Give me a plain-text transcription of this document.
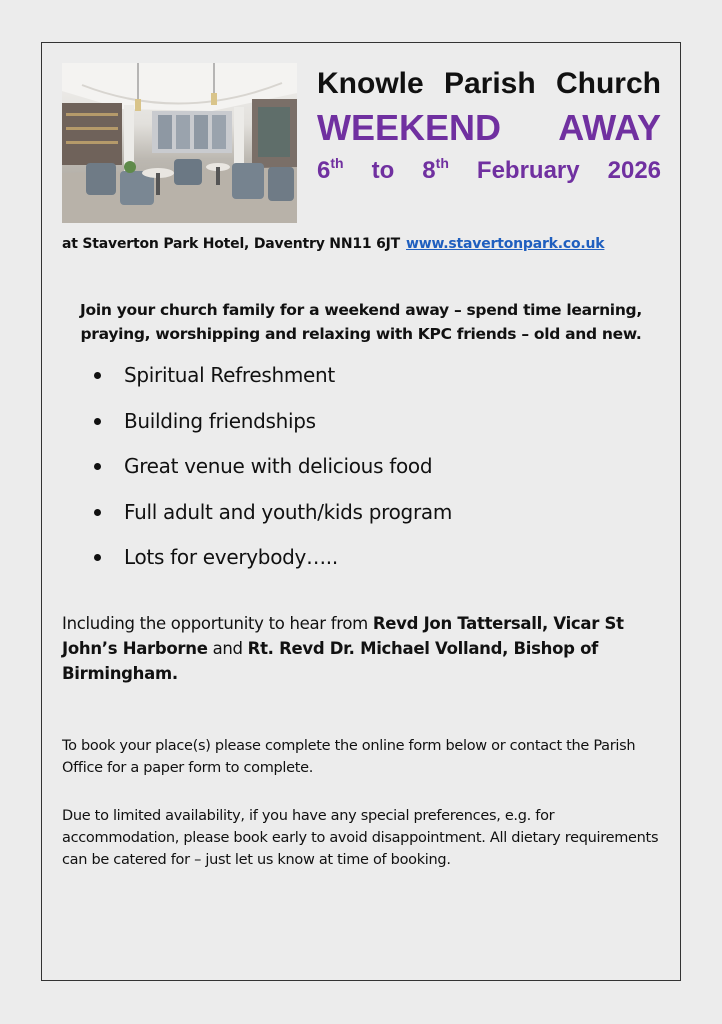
Knowle Parish Church
WEEKEND AWAY
6th to 8th February 2026
at Staverton Park Hotel, Daventry NN11 6JT www.stavertonpark.co.uk
Join your church family for a weekend away – spend time learning, praying, worshipping and relaxing with KPC friends – old and new.
Spiritual Refreshment
Building friendships
Great venue with delicious food
Full adult and youth/kids program
Lots for everybody…..
Including the opportunity to hear from Revd Jon Tattersall, Vicar St John’s Harborne and Rt. Revd Dr. Michael Volland, Bishop of Birmingham.
To book your place(s) please complete the online form below or contact the Parish Office for a paper form to complete.
Due to limited availability, if you have any special preferences, e.g. for accommodation, please book early to avoid disappointment. All dietary requirements can be catered for – just let us know at time of booking.
